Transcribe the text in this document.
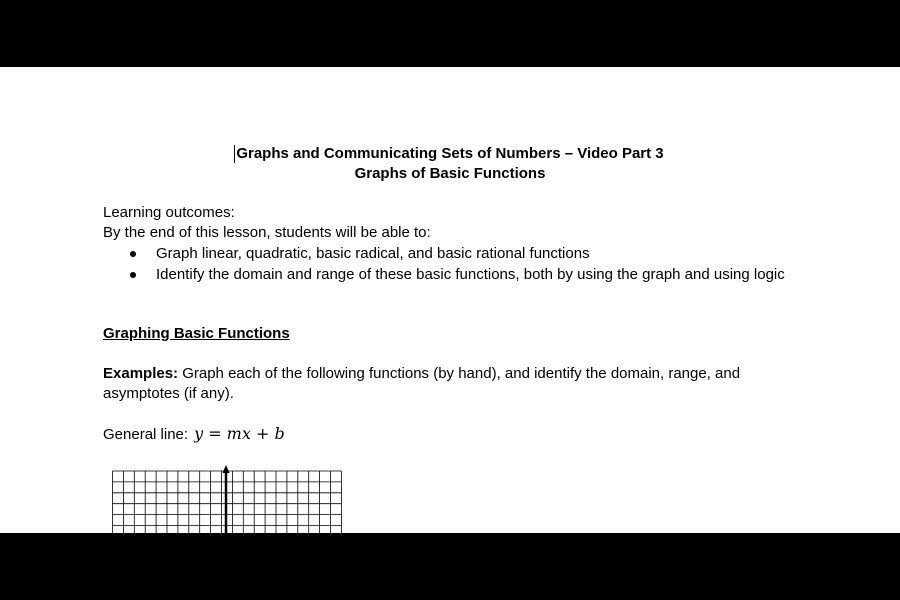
Graphs and Communicating Sets of Numbers – Video Part 3
Graphs of Basic Functions
Learning outcomes:
By the end of this lesson, students will be able to:
Graph linear, quadratic, basic radical, and basic rational functions
Identify the domain and range of these basic functions, both by using the graph and using logic
Graphing Basic Functions
Examples: Graph each of the following functions (by hand), and identify the domain, range, and
asymptotes (if any).
General line: y = mx + b
